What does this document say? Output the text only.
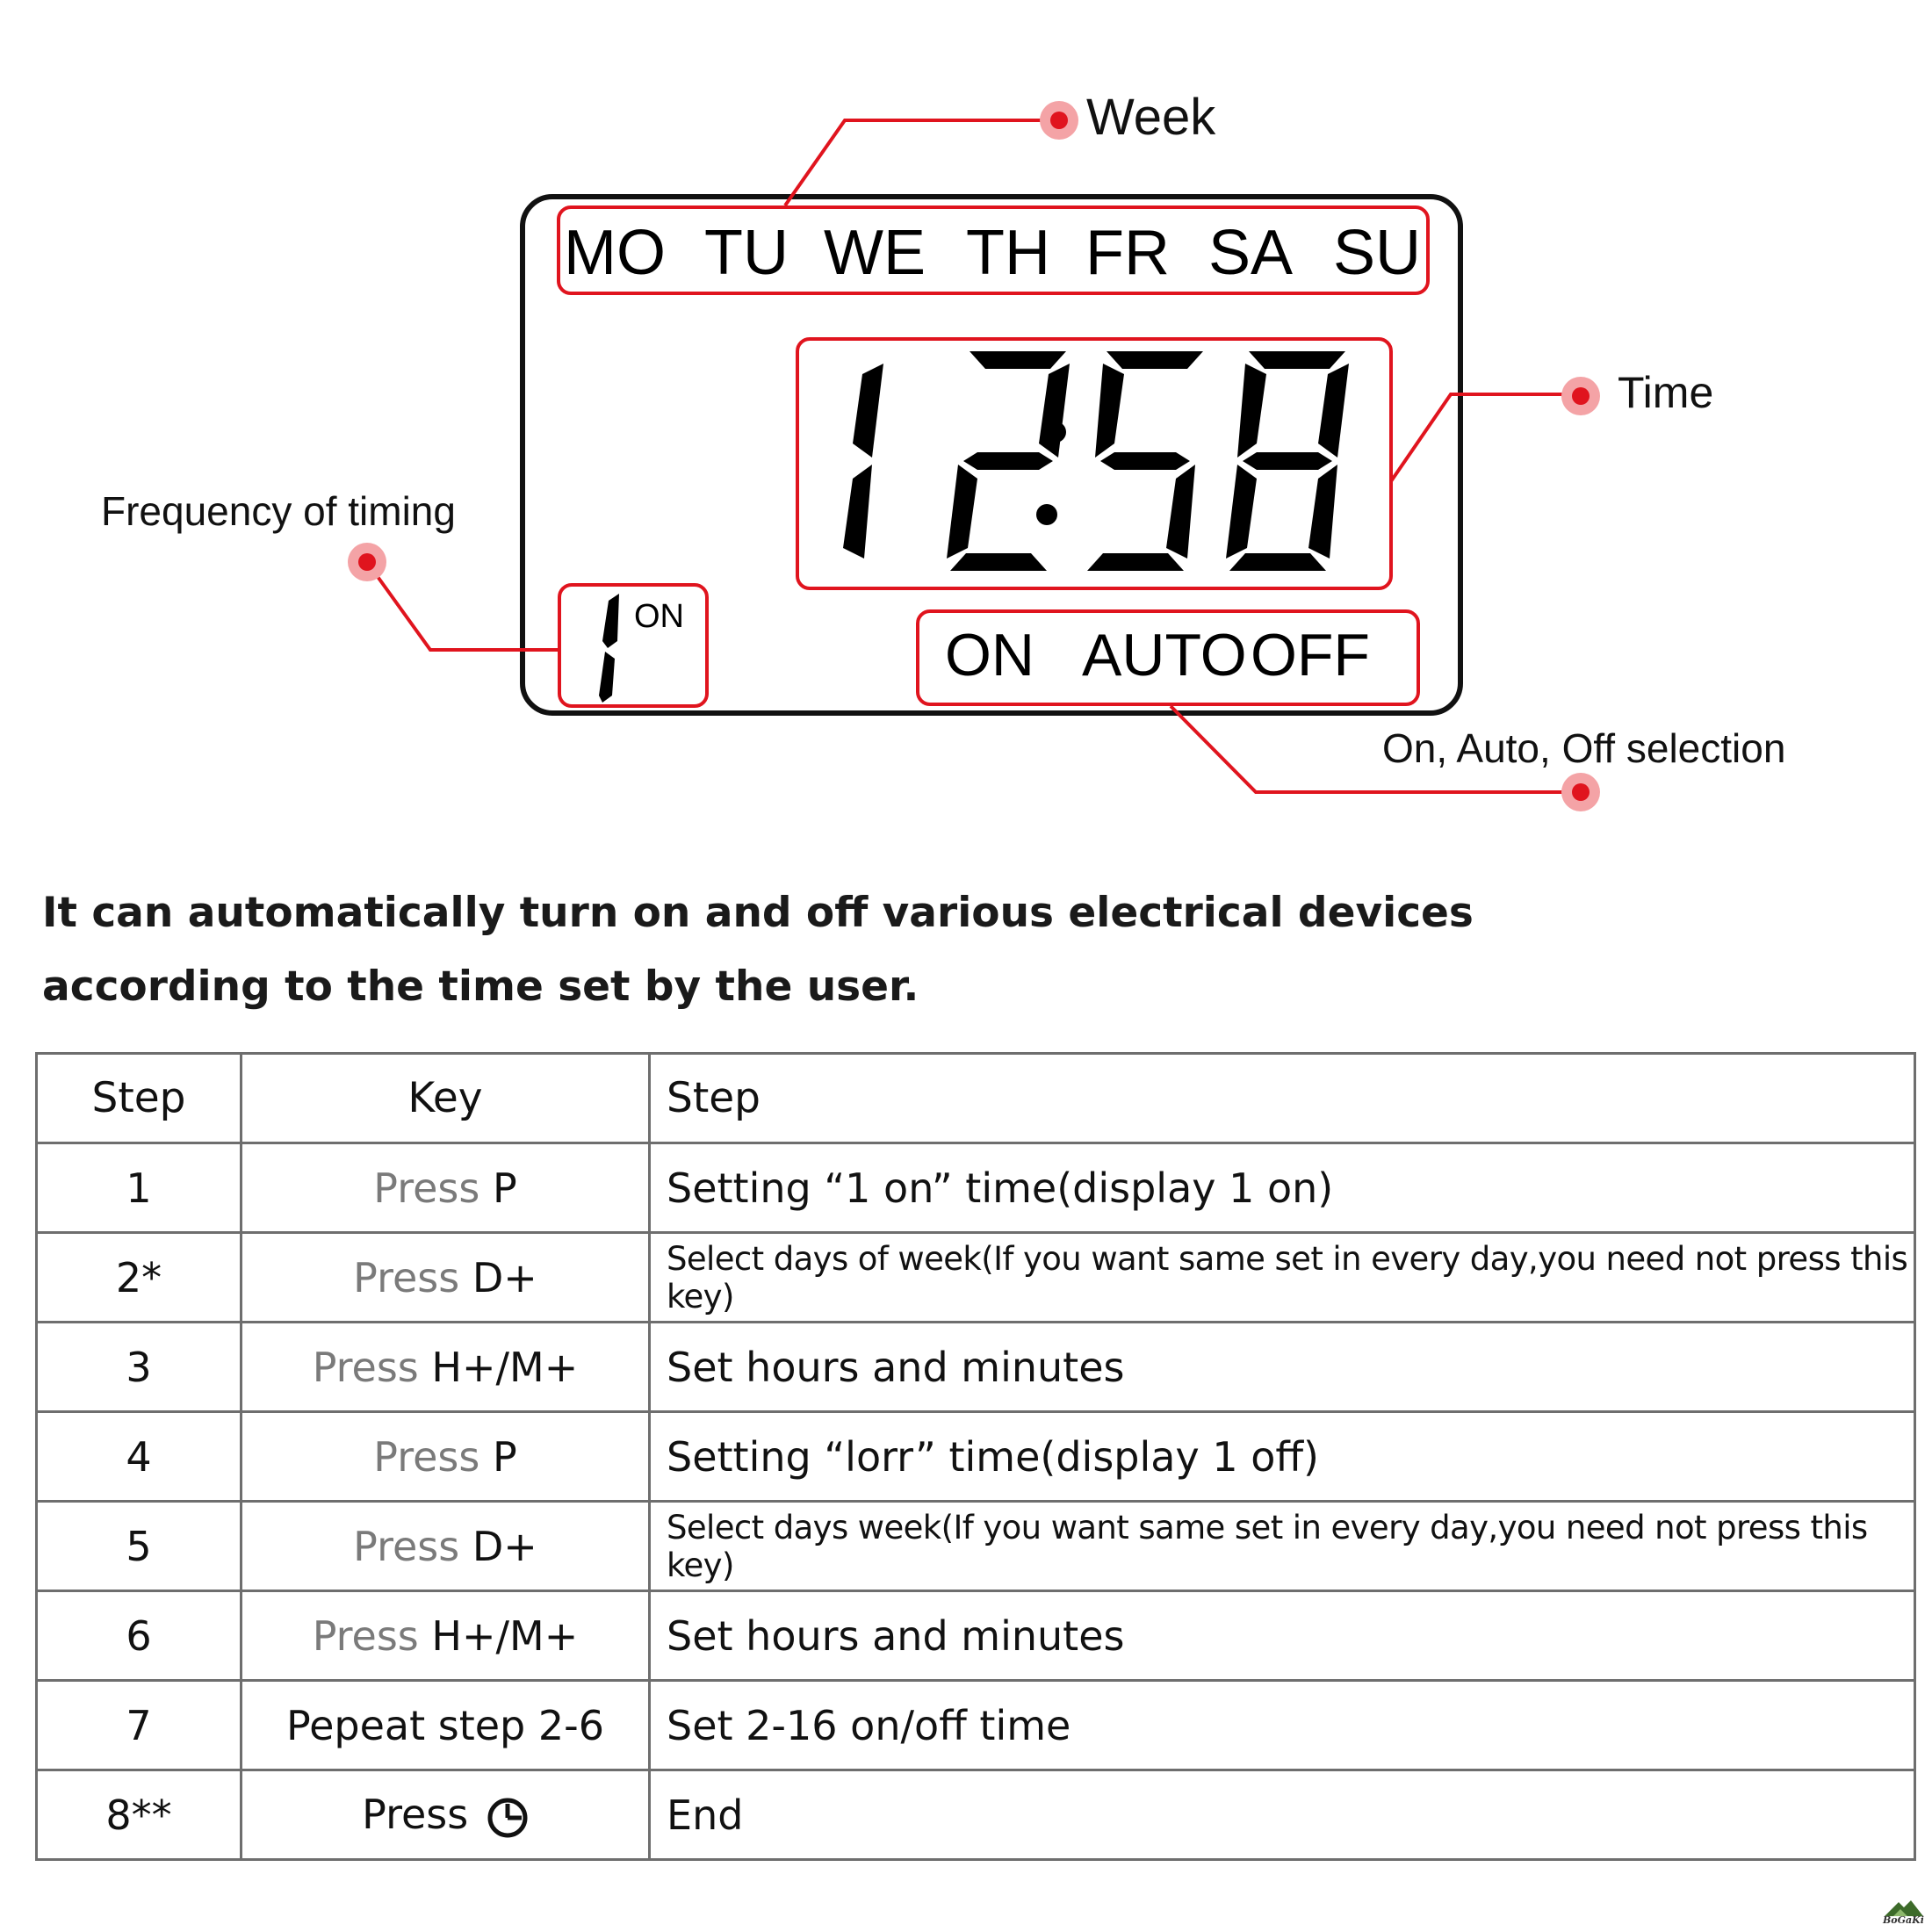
Week
Time
Frequency of timing
On, Auto, Off selection
MO TU WE TH FR SA SU
ON
ON AUTO OFF
It can automatically turn on and off various electrical devices
according to the time set by the user.
Step	Key	Step
1	Press P	Setting “1 on” time(display 1 on)
2*	Press D+	Select days of week(If you want same set in every day,you need not press this key)
3	Press H+/M+	Set hours and minutes
4	Press P	Setting “lorr” time(display 1 off)
5	Press D+	Select days week(If you want same set in every day,you need not press this key)
6	Press H+/M+	Set hours and minutes
7	Pepeat step 2-6	Set 2-16 on/off time
8**	Press	End
BoGaKi
